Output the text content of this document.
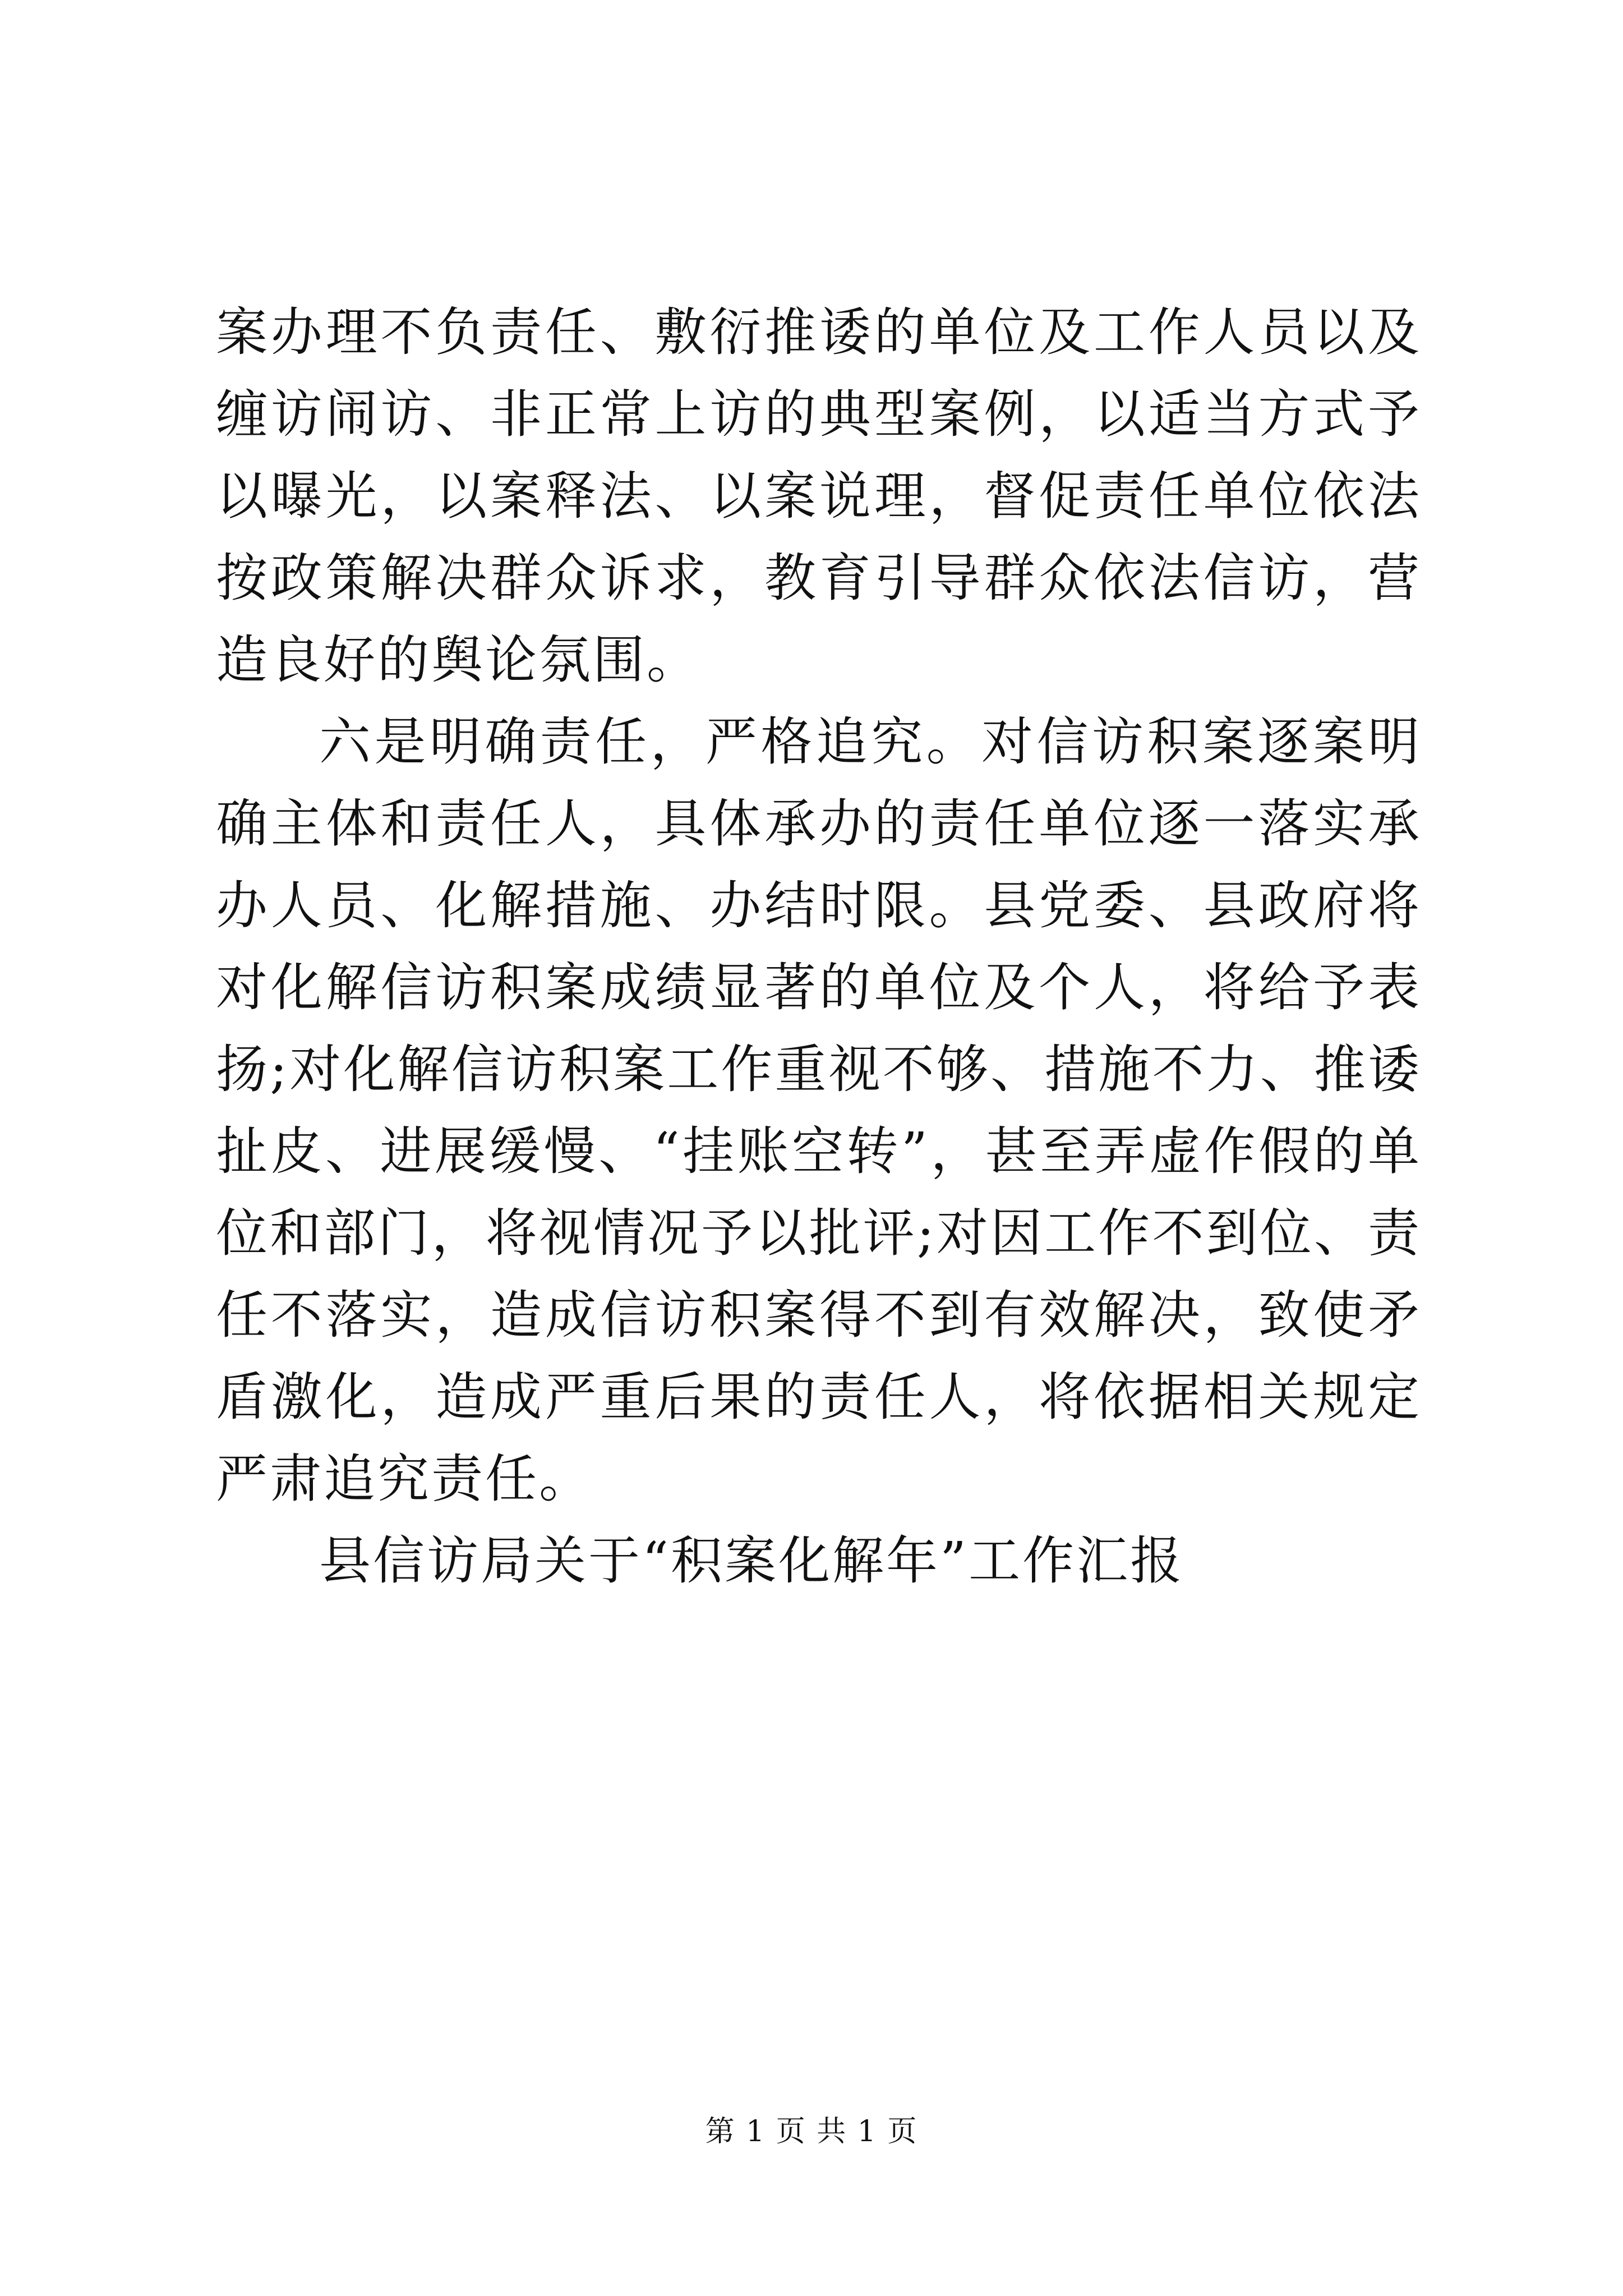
案办理不负责任、敷衍推诿的单位及工作人员以及缠访闹访、非正常上访的典型案例，以适当方式予以曝光，以案释法、以案说理，督促责任单位依法按政策解决群众诉求，教育引导群众依法信访，营造良好的舆论氛围。

六是明确责任，严格追究。对信访积案逐案明确主体和责任人，具体承办的责任单位逐一落实承办人员、化解措施、办结时限。县党委、县政府将对化解信访积案成绩显著的单位及个人，将给予表扬;对化解信访积案工作重视不够、措施不力、推诿扯皮、进展缓慢、“挂账空转”，甚至弄虚作假的单位和部门，将视情况予以批评;对因工作不到位、责任不落实，造成信访积案得不到有效解决，致使矛盾激化，造成严重后果的责任人，将依据相关规定严肃追究责任。

县信访局关于“积案化解年”工作汇报

第 1 页 共 1 页
